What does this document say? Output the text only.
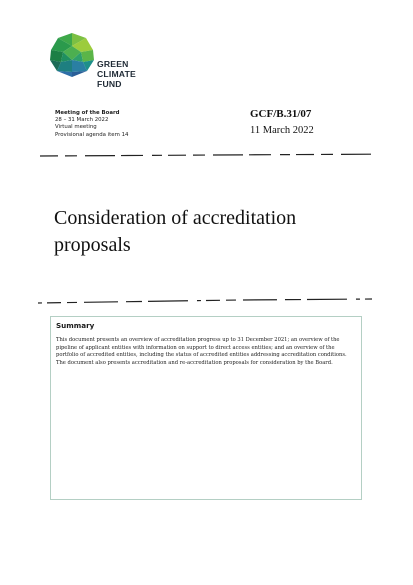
GREEN
CLIMATE
FUND
Meeting of the Board
28 – 31 March 2022
Virtual meeting
Provisional agenda item 14
GCF/B.31/07
11 March 2022
Consideration of accreditation proposals
Summary
This document presents an overview of accreditation progress up to 31 December 2021; an overview of the pipeline of applicant entities with information on support to direct access entities; and an overview of the portfolio of accredited entities, including the status of accredited entities addressing accreditation conditions. The document also presents accreditation and re-accreditation proposals for consideration by the Board.
